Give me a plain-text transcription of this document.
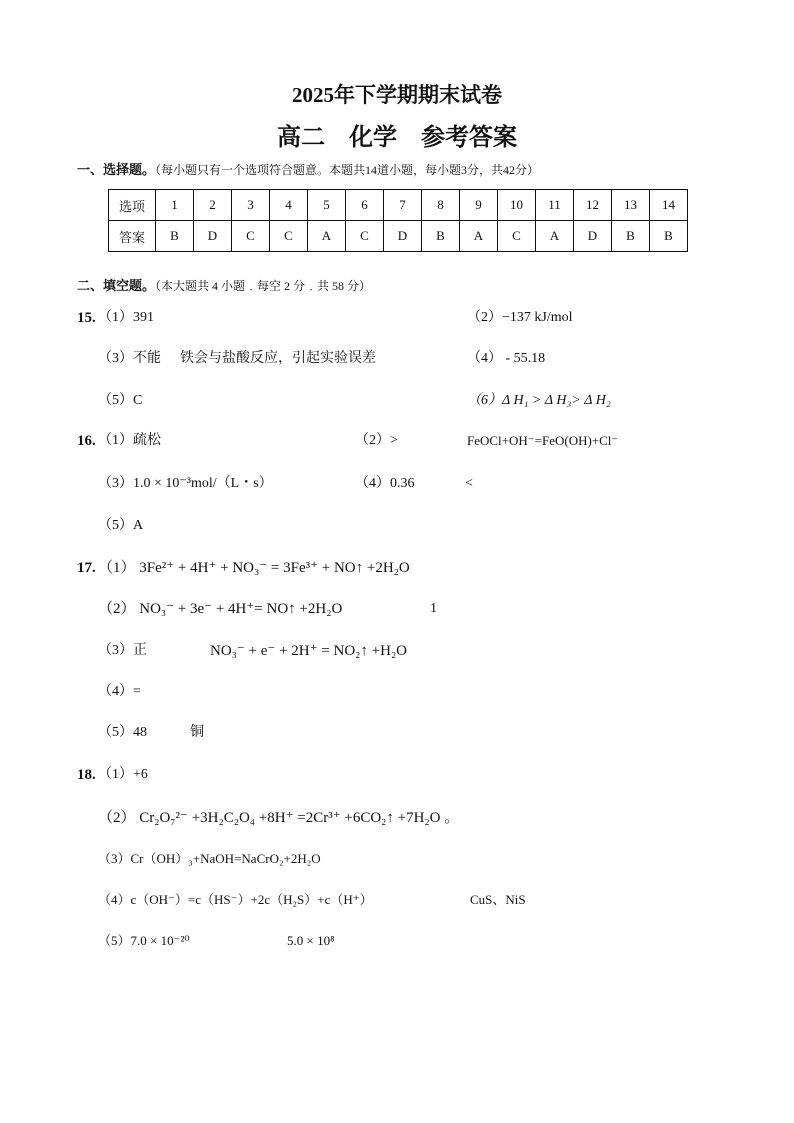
2025年下学期期末试卷
高二　化学　参考答案
一、选择题。（每小题只有一个选项符合题意。本题共14道小题，每小题3分，共42分）
选项	1	2	3	4	5	6	7	8	9	10	11	12	13	14
答案	B	D	C	C	A	C	D	B	A	C	A	D	B	B
二、填空题。（本大题共 4 小题﹒每空 2 分﹒共 58 分）
15. （1）391	（2）−137 kJ/mol
（3）不能 铁会与盐酸反应，引起实验误差	（4） - 55.18
（5）C	（6）Δ H₁ > Δ H₃> Δ H₂
16. （1）疏松	（2）>	FeOCl+OH⁻=FeO(OH)+Cl⁻
（3）1.0 × 10⁻³mol/（L・s）	（4）0.36	<
（5）A
17. （1） 3Fe²⁺ + 4H⁺ + NO₃⁻ = 3Fe³⁺ + NO↑ +2H₂O
（2） NO₃⁻ + 3e⁻ + 4H⁺= NO↑ +2H₂O	1
（3）正	NO₃⁻ + e⁻ + 2H⁺ = NO₂↑ +H₂O
（4）=
（5）48	铜
18. （1）+6
（2） Cr₂O₇²⁻ +3H₂C₂O₄ +8H⁺ =2Cr³⁺ +6CO₂↑ +7H₂O 。
（3）Cr（OH）₃+NaOH=NaCrO₂+2H₂O
（4）c（OH⁻）=c（HS⁻）+2c（H₂S）+c（H⁺）	CuS、NiS
（5）7.0 × 10⁻²⁰	5.0 × 10⁸
